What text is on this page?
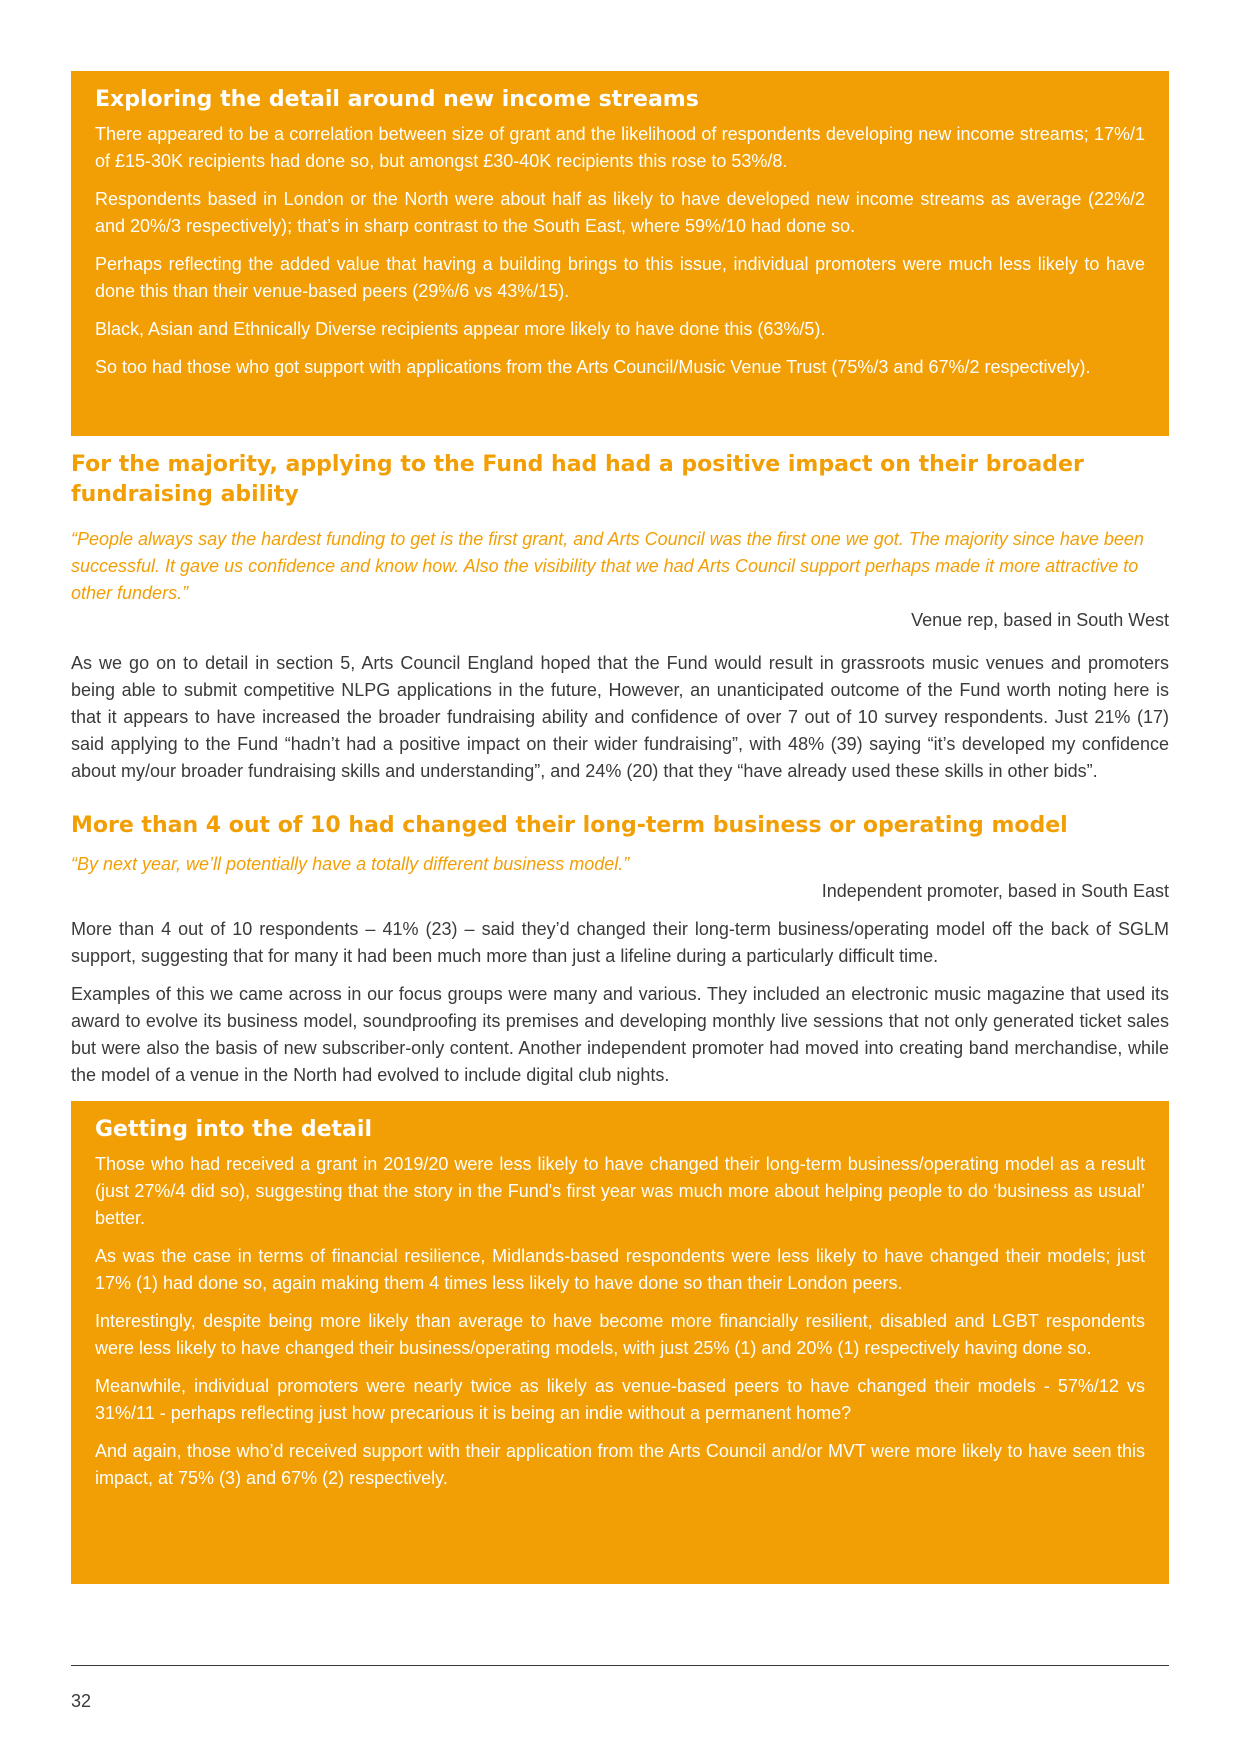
Exploring the detail around new income streams

There appeared to be a correlation between size of grant and the likelihood of respondents developing new income streams; 17%/1 of £15-30K recipients had done so, but amongst £30-40K recipients this rose to 53%/8.

Respondents based in London or the North were about half as likely to have developed new income streams as average (22%/2 and 20%/3 respectively); that’s in sharp contrast to the South East, where 59%/10 had done so.

Perhaps reflecting the added value that having a building brings to this issue, individual promoters were much less likely to have done this than their venue-based peers (29%/6 vs 43%/15).

Black, Asian and Ethnically Diverse recipients appear more likely to have done this (63%/5).

So too had those who got support with applications from the Arts Council/Music Venue Trust (75%/3 and 67%/2 respectively).

For the majority, applying to the Fund had had a positive impact on their broader fundraising ability

“People always say the hardest funding to get is the first grant, and Arts Council was the first one we got. The majority since have been successful. It gave us confidence and know how. Also the visibility that we had Arts Council support perhaps made it more attractive to other funders.”

Venue rep, based in South West

As we go on to detail in section 5, Arts Council England hoped that the Fund would result in grassroots music venues and promoters being able to submit competitive NLPG applications in the future, However, an unanticipated outcome of the Fund worth noting here is that it appears to have increased the broader fundraising ability and confidence of over 7 out of 10 survey respondents. Just 21% (17) said applying to the Fund “hadn’t had a positive impact on their wider fundraising”, with 48% (39) saying “it’s developed my confidence about my/our broader fundraising skills and understanding”, and 24% (20) that they “have already used these skills in other bids”.

More than 4 out of 10 had changed their long-term business or operating model

“By next year, we’ll potentially have a totally different business model.”

Independent promoter, based in South East

More than 4 out of 10 respondents – 41% (23) – said they’d changed their long-term business/operating model off the back of SGLM support, suggesting that for many it had been much more than just a lifeline during a particularly difficult time.

Examples of this we came across in our focus groups were many and various. They included an electronic music magazine that used its award to evolve its business model, soundproofing its premises and developing monthly live sessions that not only generated ticket sales but were also the basis of new subscriber-only content. Another independent promoter had moved into creating band merchandise, while the model of a venue in the North had evolved to include digital club nights.

Getting into the detail

Those who had received a grant in 2019/20 were less likely to have changed their long-term business/operating model as a result (just 27%/4 did so), suggesting that the story in the Fund's first year was much more about helping people to do ‘business as usual’ better.

As was the case in terms of financial resilience, Midlands-based respondents were less likely to have changed their models; just 17% (1) had done so, again making them 4 times less likely to have done so than their London peers.

Interestingly, despite being more likely than average to have become more financially resilient, disabled and LGBT respondents were less likely to have changed their business/operating models, with just 25% (1) and 20% (1) respectively having done so.

Meanwhile, individual promoters were nearly twice as likely as venue-based peers to have changed their models - 57%/12 vs 31%/11 - perhaps reflecting just how precarious it is being an indie without a permanent home?

And again, those who’d received support with their application from the Arts Council and/or MVT were more likely to have seen this impact, at 75% (3) and 67% (2) respectively.

32
